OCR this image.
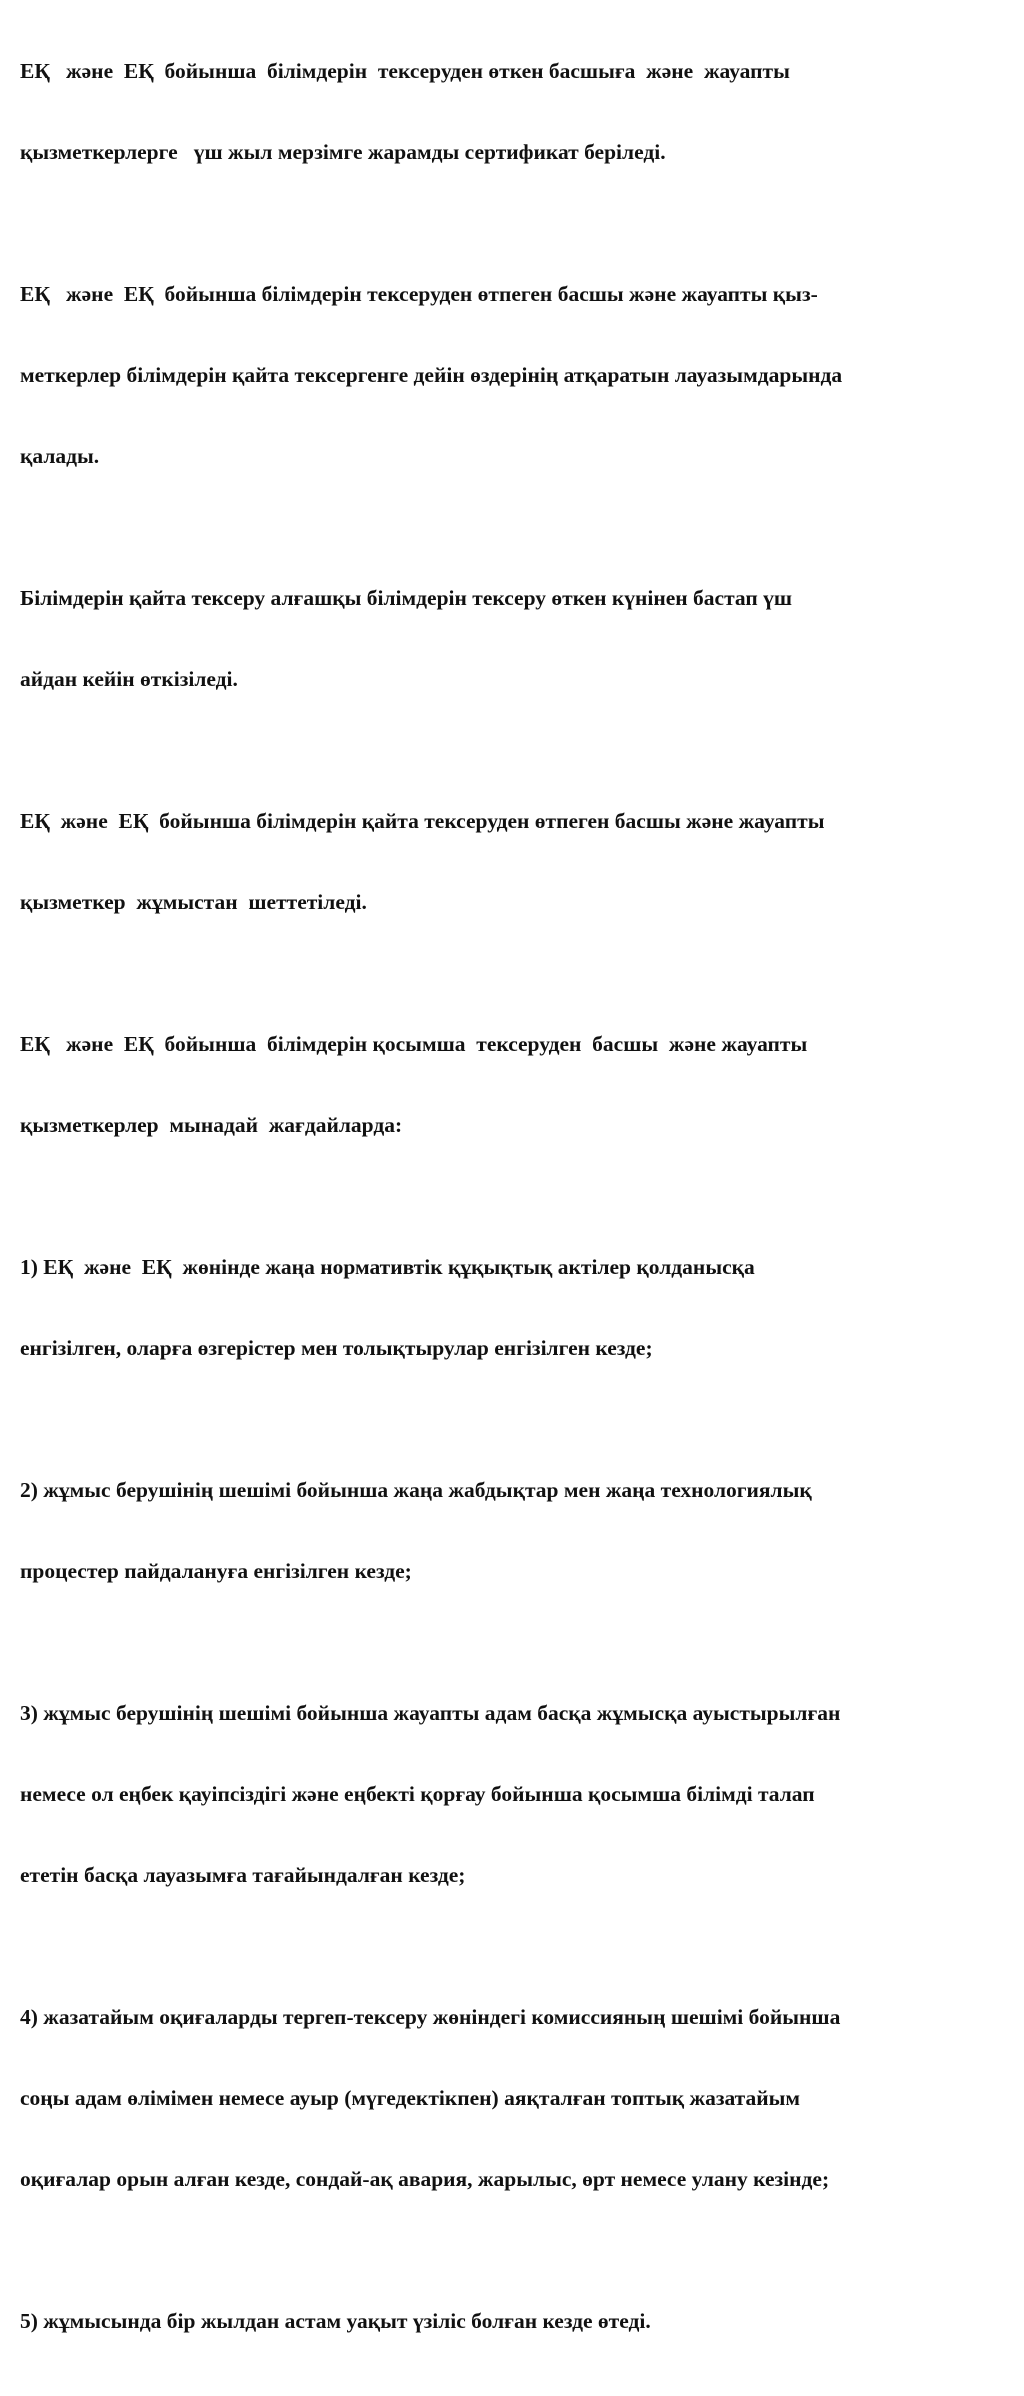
ЕҚ   және  ЕҚ  бойынша  білімдерін  тексеруден өткен басшыға  және  жауапты

қызметкерлерге   үш жыл мерзімге жарамды сертификат беріледі.

ЕҚ   және  ЕҚ  бойынша білімдерін тексеруден өтпеген басшы және жауапты қыз-

меткерлер білімдерін қайта тексергенге дейін өздерінің атқаратын лауазымдарында

қалады.

Білімдерін қайта тексеру алғашқы білімдерін тексеру өткен күнінен бастап үш

айдан кейін өткізіледі.

ЕҚ  және  ЕҚ  бойынша білімдерін қайта тексеруден өтпеген басшы және жауапты

қызметкер  жұмыстан  шеттетіледі.

ЕҚ   және  ЕҚ  бойынша  білімдерін қосымша  тексеруден  басшы  және жауапты

қызметкерлер  мынадай  жағдайларда:

1) ЕҚ  және  ЕҚ  жөнінде жаңа нормативтік құқықтық актілер қолданысқа

енгізілген, оларға өзгерістер мен толықтырулар енгізілген кезде;

2) жұмыс берушінің шешімі бойынша жаңа жабдықтар мен жаңа технологиялық

процестер пайдалануға енгізілген кезде;

3) жұмыс берушінің шешімі бойынша жауапты адам басқа жұмысқа ауыстырылған

немесе ол еңбек қауіпсіздігі және еңбекті қорғау бойынша қосымша білімді талап

ететін басқа лауазымға тағайындалған кезде;

4) жазатайым оқиғаларды тергеп-тексеру жөніндегі комиссияның шешімі бойынша

соңы адам өлімімен немесе ауыр (мүгедектікпен) аяқталған топтық жазатайым

оқиғалар орын алған кезде, сондай-ақ авария, жарылыс, өрт немесе улану кезінде;

5) жұмысында бір жылдан астам уақыт үзіліс болған кезде өтеді.
